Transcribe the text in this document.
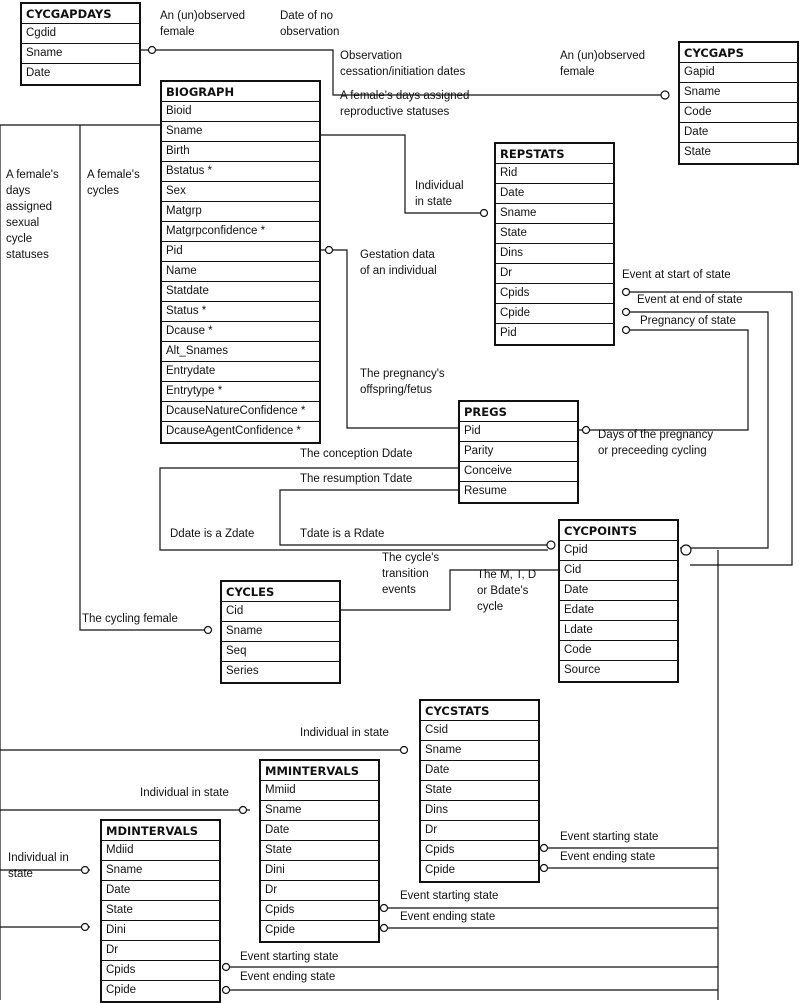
CYCGAPDAYS
Cgdid
Sname
Date
CYCGAPS
Gapid
Sname
Code
Date
State
BIOGRAPH
Bioid
Sname
Birth
Bstatus *
Sex
Matgrp
Matgrpconfidence *
Pid
Name
Statdate
Status *
Dcause *
Alt_Snames
Entrydate
Entrytype *
DcauseNatureConfidence *
DcauseAgentConfidence *
REPSTATS
Rid
Date
Sname
State
Dins
Dr
Cpids
Cpide
Pid
PREGS
Pid
Parity
Conceive
Resume
CYCPOINTS
Cpid
Cid
Date
Edate
Ldate
Code
Source
CYCLES
Cid
Sname
Seq
Series
CYCSTATS
Csid
Sname
Date
State
Dins
Dr
Cpids
Cpide
MMINTERVALS
Mmiid
Sname
Date
State
Dini
Dr
Cpids
Cpide
MDINTERVALS
Mdiid
Sname
Date
State
Dini
Dr
Cpids
Cpide
An (un)observed
female
Date of no
observation
Observation
cessation/initiation dates
An (un)observed
female
A female's days assigned
reproductive statuses
A female's
days
assigned
sexual
cycle
statuses
A female's
cycles	Individual
in state
Gestation data
of an individual	Event at start of state
Event at end of state
Pregnancy of state
The pregnancy's
offspring/fetus
Days of the pregnancy
or preceeding cycling
The conception Ddate
The resumption Tdate
Ddate is a Zdate	Tdate is a Rdate
The cycle's
transition
events
The M, T, D
or Bdate's
cycle
The cycling female
Individual in state
Individual in state
Individual in
state
Event starting state
Event ending state
Event starting state
Event ending state
Event starting state
Event ending state
